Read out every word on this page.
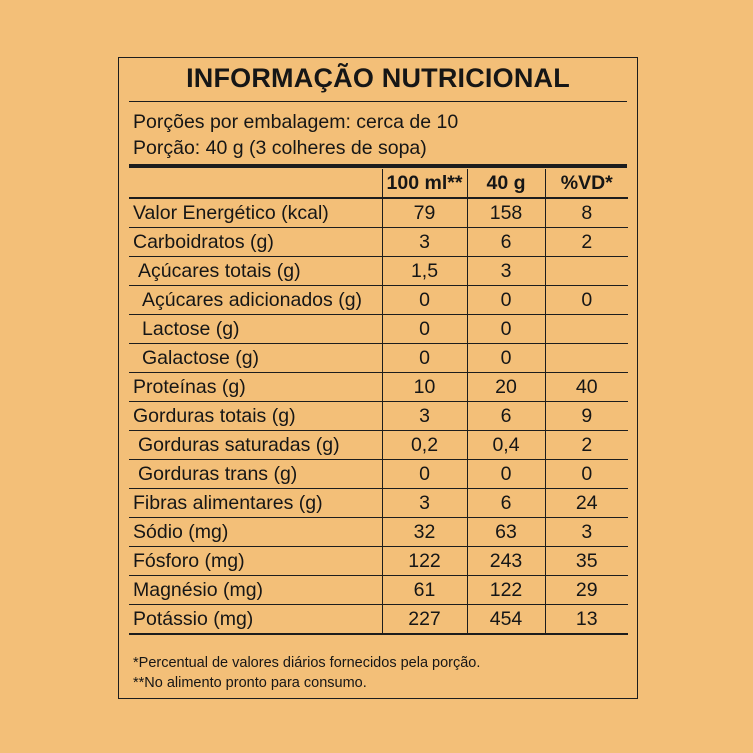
INFORMAÇÃO NUTRICIONAL
Porções por embalagem: cerca de 10
Porção: 40 g (3 colheres de sopa)
	100 ml**	40 g	%VD*
Valor Energético (kcal)	79	158	8
Carboidratos (g)	3	6	2
Açúcares totais (g)	1,5	3	
Açúcares adicionados (g)	0	0	0
Lactose (g)	0	0	
Galactose (g)	0	0	
Proteínas (g)	10	20	40
Gorduras totais (g)	3	6	9
Gorduras saturadas (g)	0,2	0,4	2
Gorduras trans (g)	0	0	0
Fibras alimentares (g)	3	6	24
Sódio (mg)	32	63	3
Fósforo (mg)	122	243	35
Magnésio (mg)	61	122	29
Potássio (mg)	227	454	13
*Percentual de valores diários fornecidos pela porção.
**No alimento pronto para consumo.
